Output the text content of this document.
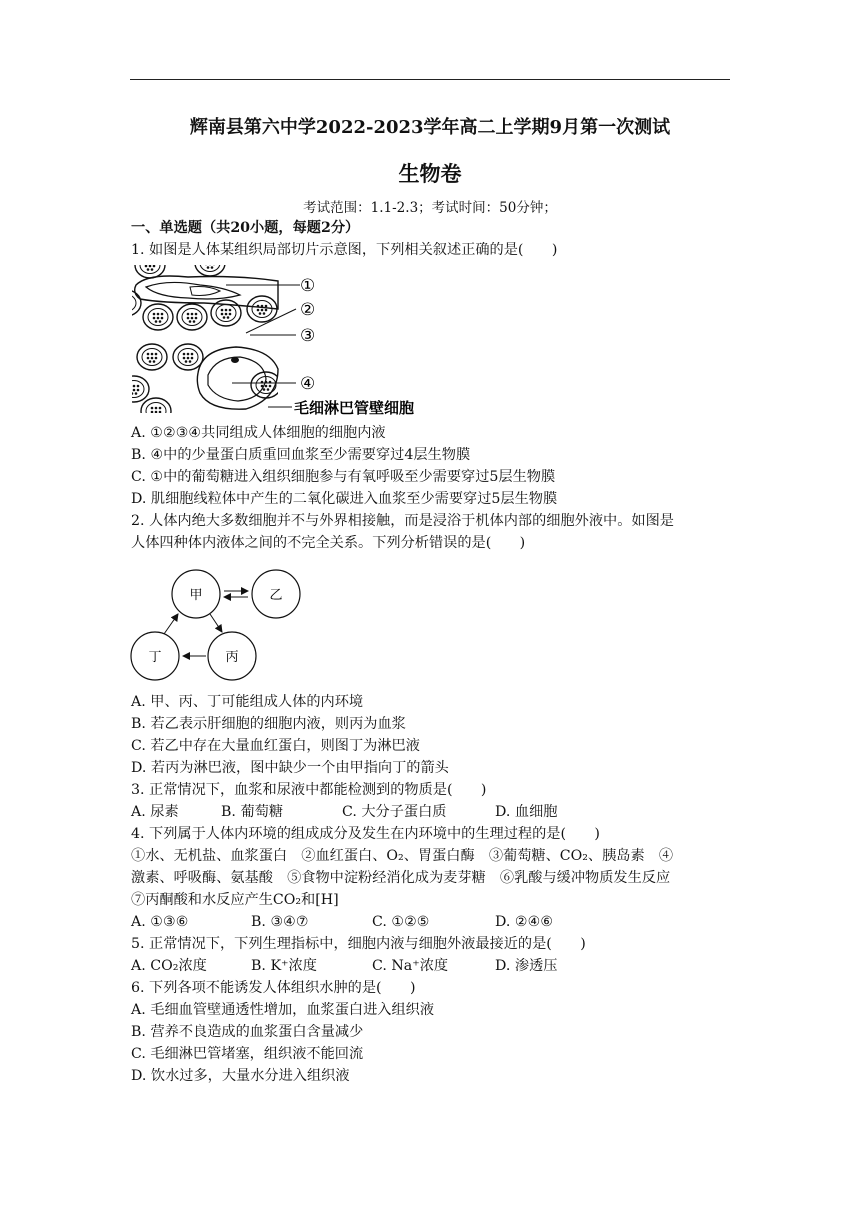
辉南县第六中学2022-2023学年高二上学期9月第一次测试
生物卷
考试范围：1.1-2.3；考试时间：50分钟；
一、单选题（共20小题，每题2分）
1. 如图是人体某组织局部切片示意图，下列相关叙述正确的是(　　)
①
②
③
④
毛细淋巴管壁细胞
A. ①②③④共同组成人体细胞的细胞内液
B. ④中的少量蛋白质重回血浆至少需要穿过4层生物膜
C. ①中的葡萄糖进入组织细胞参与有氧呼吸至少需要穿过5层生物膜
D. 肌细胞线粒体中产生的二氧化碳进入血浆至少需要穿过5层生物膜
2. 人体内绝大多数细胞并不与外界相接触，而是浸浴于机体内部的细胞外液中。如图是
人体四种体内液体之间的不完全关系。下列分析错误的是(　　)
甲	乙
丁	丙
A. 甲、丙、丁可能组成人体的内环境
B. 若乙表示肝细胞的细胞内液，则丙为血浆
C. 若乙中存在大量血红蛋白，则图丁为淋巴液
D. 若丙为淋巴液，图中缺少一个由甲指向丁的箭头
3. 正常情况下，血浆和尿液中都能检测到的物质是(　　)
A. 尿素	B. 葡萄糖	C. 大分子蛋白质	D. 血细胞
4. 下列属于人体内环境的组成成分及发生在内环境中的生理过程的是(　　)
①水、无机盐、血浆蛋白　②血红蛋白、O₂、胃蛋白酶　③葡萄糖、CO₂、胰岛素　④
激素、呼吸酶、氨基酸　⑤食物中淀粉经消化成为麦芽糖　⑥乳酸与缓冲物质发生反应
⑦丙酮酸和水反应产生CO₂和[H]
A. ①③⑥	B. ③④⑦	C. ①②⑤	D. ②④⑥
5. 正常情况下，下列生理指标中，细胞内液与细胞外液最接近的是(　　)
A. CO₂浓度	B. K⁺浓度	C. Na⁺浓度	D. 渗透压
6. 下列各项不能诱发人体组织水肿的是(　　)
A. 毛细血管壁通透性增加，血浆蛋白进入组织液
B. 营养不良造成的血浆蛋白含量减少
C. 毛细淋巴管堵塞，组织液不能回流
D. 饮水过多，大量水分进入组织液
